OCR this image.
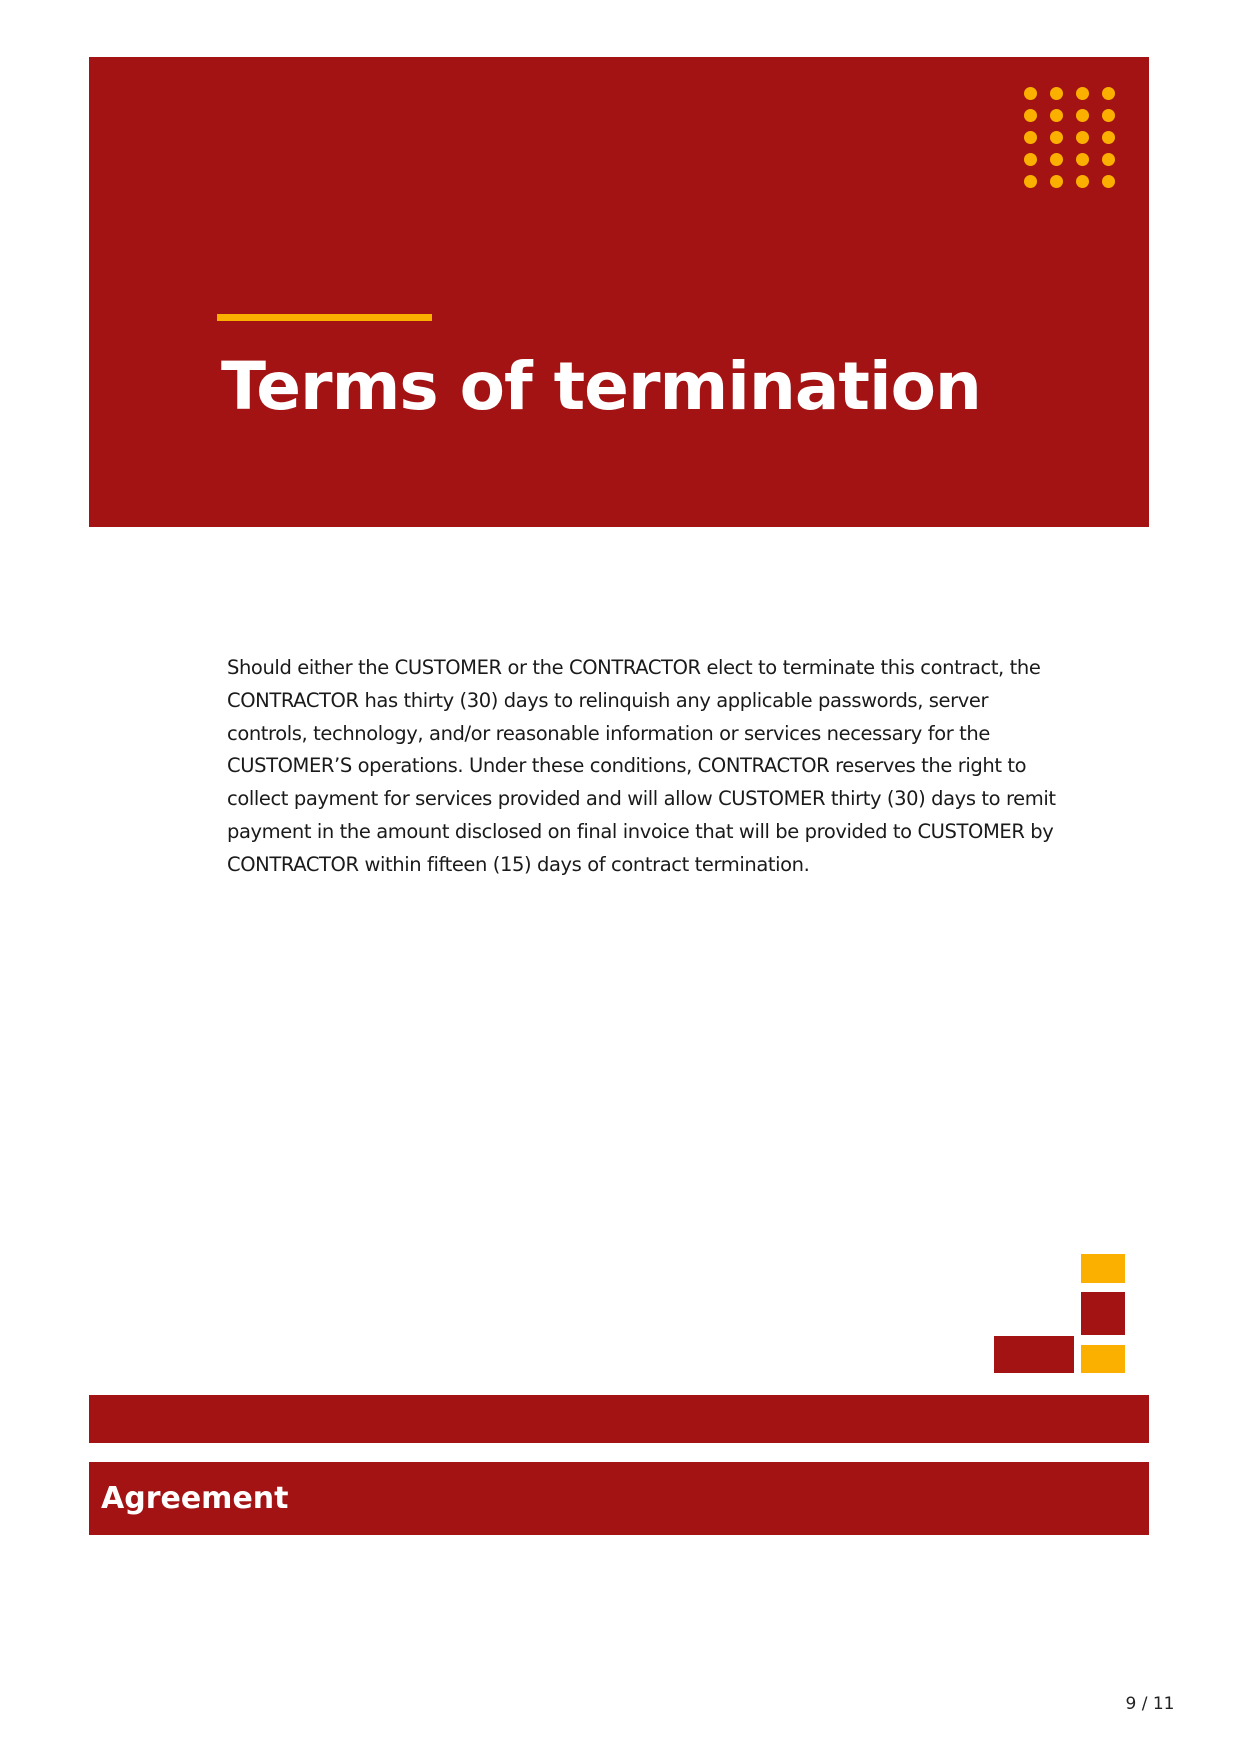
Terms of termination

Should either the CUSTOMER or the CONTRACTOR elect to terminate this contract, the CONTRACTOR has thirty (30) days to relinquish any applicable passwords, server controls, technology, and/or reasonable information or services necessary for the CUSTOMER’S operations. Under these conditions, CONTRACTOR reserves the right to collect payment for services provided and will allow CUSTOMER thirty (30) days to remit payment in the amount disclosed on final invoice that will be provided to CUSTOMER by CONTRACTOR within fifteen (15) days of contract termination.

Agreement
9 / 11
